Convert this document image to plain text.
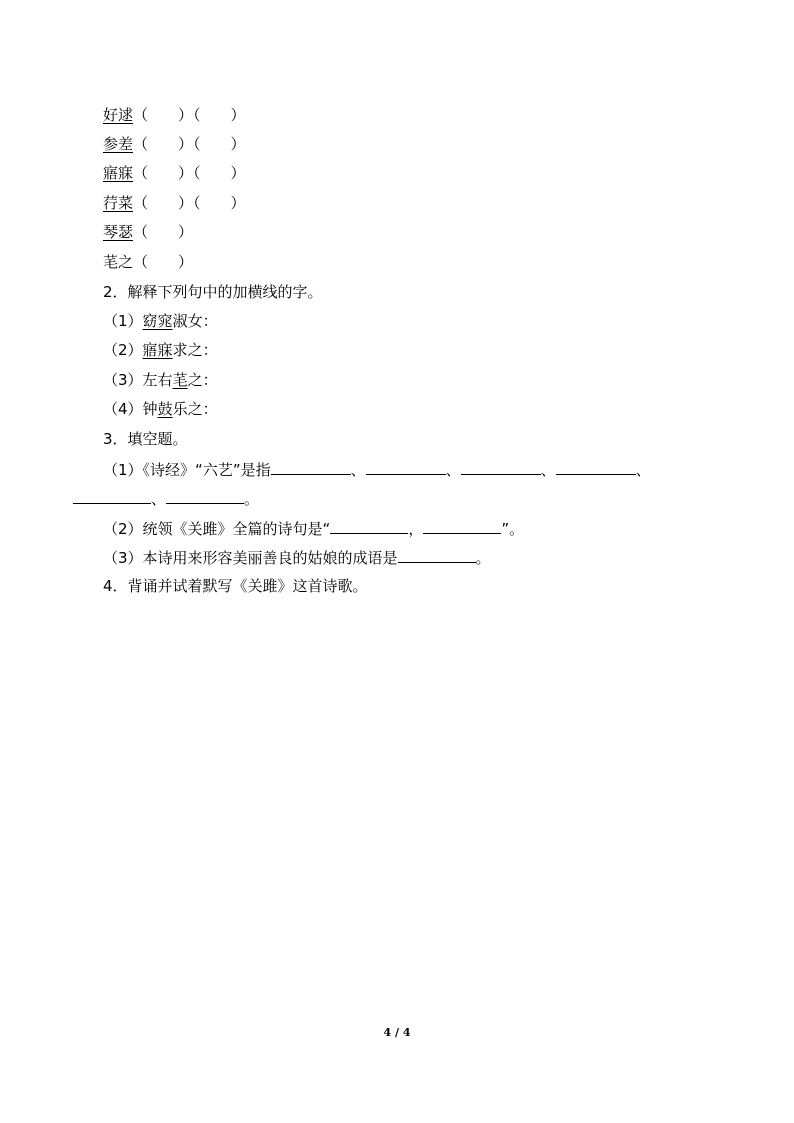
好逑（　　）（　　）
参差（　　）（　　）
寤寐（　　）（　　）
荇菜（　　）（　　）
琴瑟（　　）
芼之（　　）
2．解释下列句中的加横线的字。
（1）窈窕淑女：
（2）寤寐求之：
（3）左右芼之：
（4）钟鼓乐之：
3．填空题。
（1）《诗经》“六艺”是指	、	、	、	、
、	。
（2）统领《关雎》全篇的诗句是“	，	”。
（3）本诗用来形容美丽善良的姑娘的成语是	。
4．背诵并试着默写《关雎》这首诗歌。
4 / 4
